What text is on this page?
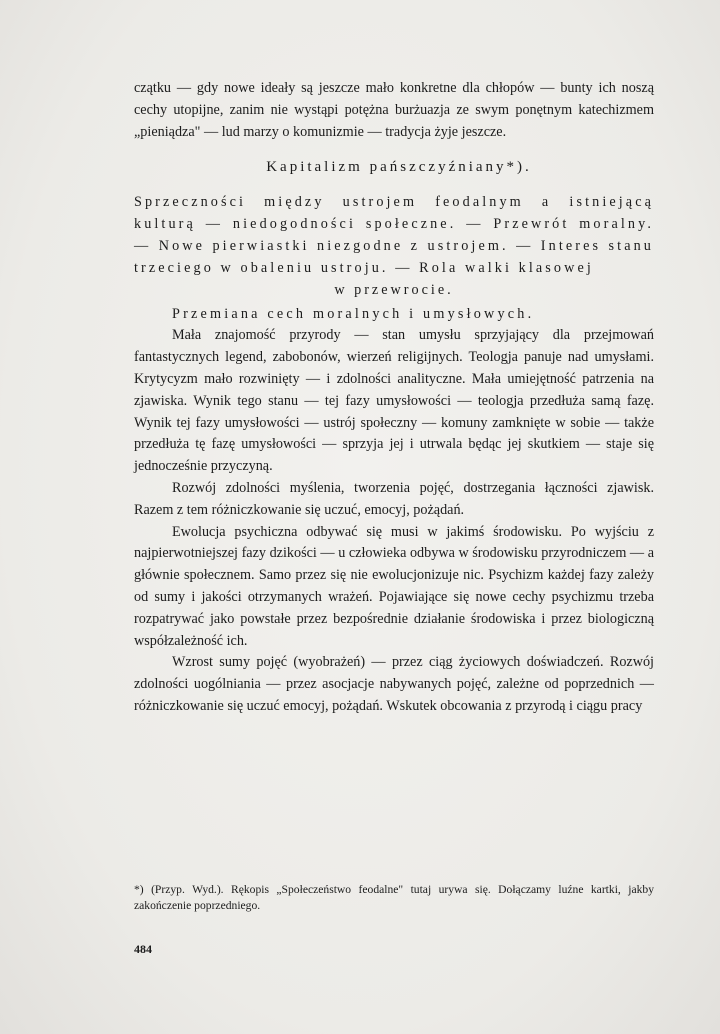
czątku — gdy nowe ideały są jeszcze mało konkretne dla chłopów — bunty ich noszą cechy utopijne, zanim nie wystąpi potężna burżuazja ze swym ponętnym katechizmem „pieniądza" — lud marzy o komunizmie — tradycja żyje jeszcze.

Kapitalizm pańszczyźniany*).

Sprzeczności między ustrojem feodalnym a istniejącą kulturą — niedogodności społeczne. — Przewrót moralny. — Nowe pierwiastki niezgodne z ustrojem. — Interes stanu trzeciego w obaleniu ustroju. — Rola walki klasowej

w przewrocie.

Przemiana cech moralnych i umysłowych.

Mała znajomość przyrody — stan umysłu sprzyjający dla przejmowań fantastycznych legend, zabobonów, wierzeń religijnych. Teologja panuje nad umysłami. Krytycyzm mało rozwinięty — i zdolności analityczne. Mała umiejętność patrzenia na zjawiska. Wynik tego stanu — tej fazy umysłowości — teologja przedłuża samą fazę. Wynik tej fazy umysłowości — ustrój społeczny — komuny zamknięte w sobie — także przedłuża tę fazę umysłowości — sprzyja jej i utrwala będąc jej skutkiem — staje się jednocześnie przyczyną.

Rozwój zdolności myślenia, tworzenia pojęć, dostrzegania łączności zjawisk. Razem z tem różniczkowanie się uczuć, emocyj, pożądań.

Ewolucja psychiczna odbywać się musi w jakimś środowisku. Po wyjściu z najpierwotniejszej fazy dzikości — u człowieka odbywa w środowisku przyrodniczem — a głównie społecznem. Samo przez się nie ewolucjonizuje nic. Psychizm każdej fazy zależy od sumy i jakości otrzymanych wrażeń. Pojawiające się nowe cechy psychizmu trzeba rozpatrywać jako powstałe przez bezpośrednie działanie środowiska i przez biologiczną współzależność ich.

Wzrost sumy pojęć (wyobrażeń) — przez ciąg życiowych doświadczeń. Rozwój zdolności uogólniania — przez asocjacje nabywanych pojęć, zależne od poprzednich — różniczkowanie się uczuć emocyj, pożądań. Wskutek obcowania z przyrodą i ciągu pracy

*) (Przyp. Wyd.). Rękopis „Społeczeństwo feodalne" tutaj urywa się. Dołączamy luźne kartki, jakby zakończenie poprzedniego.

484
